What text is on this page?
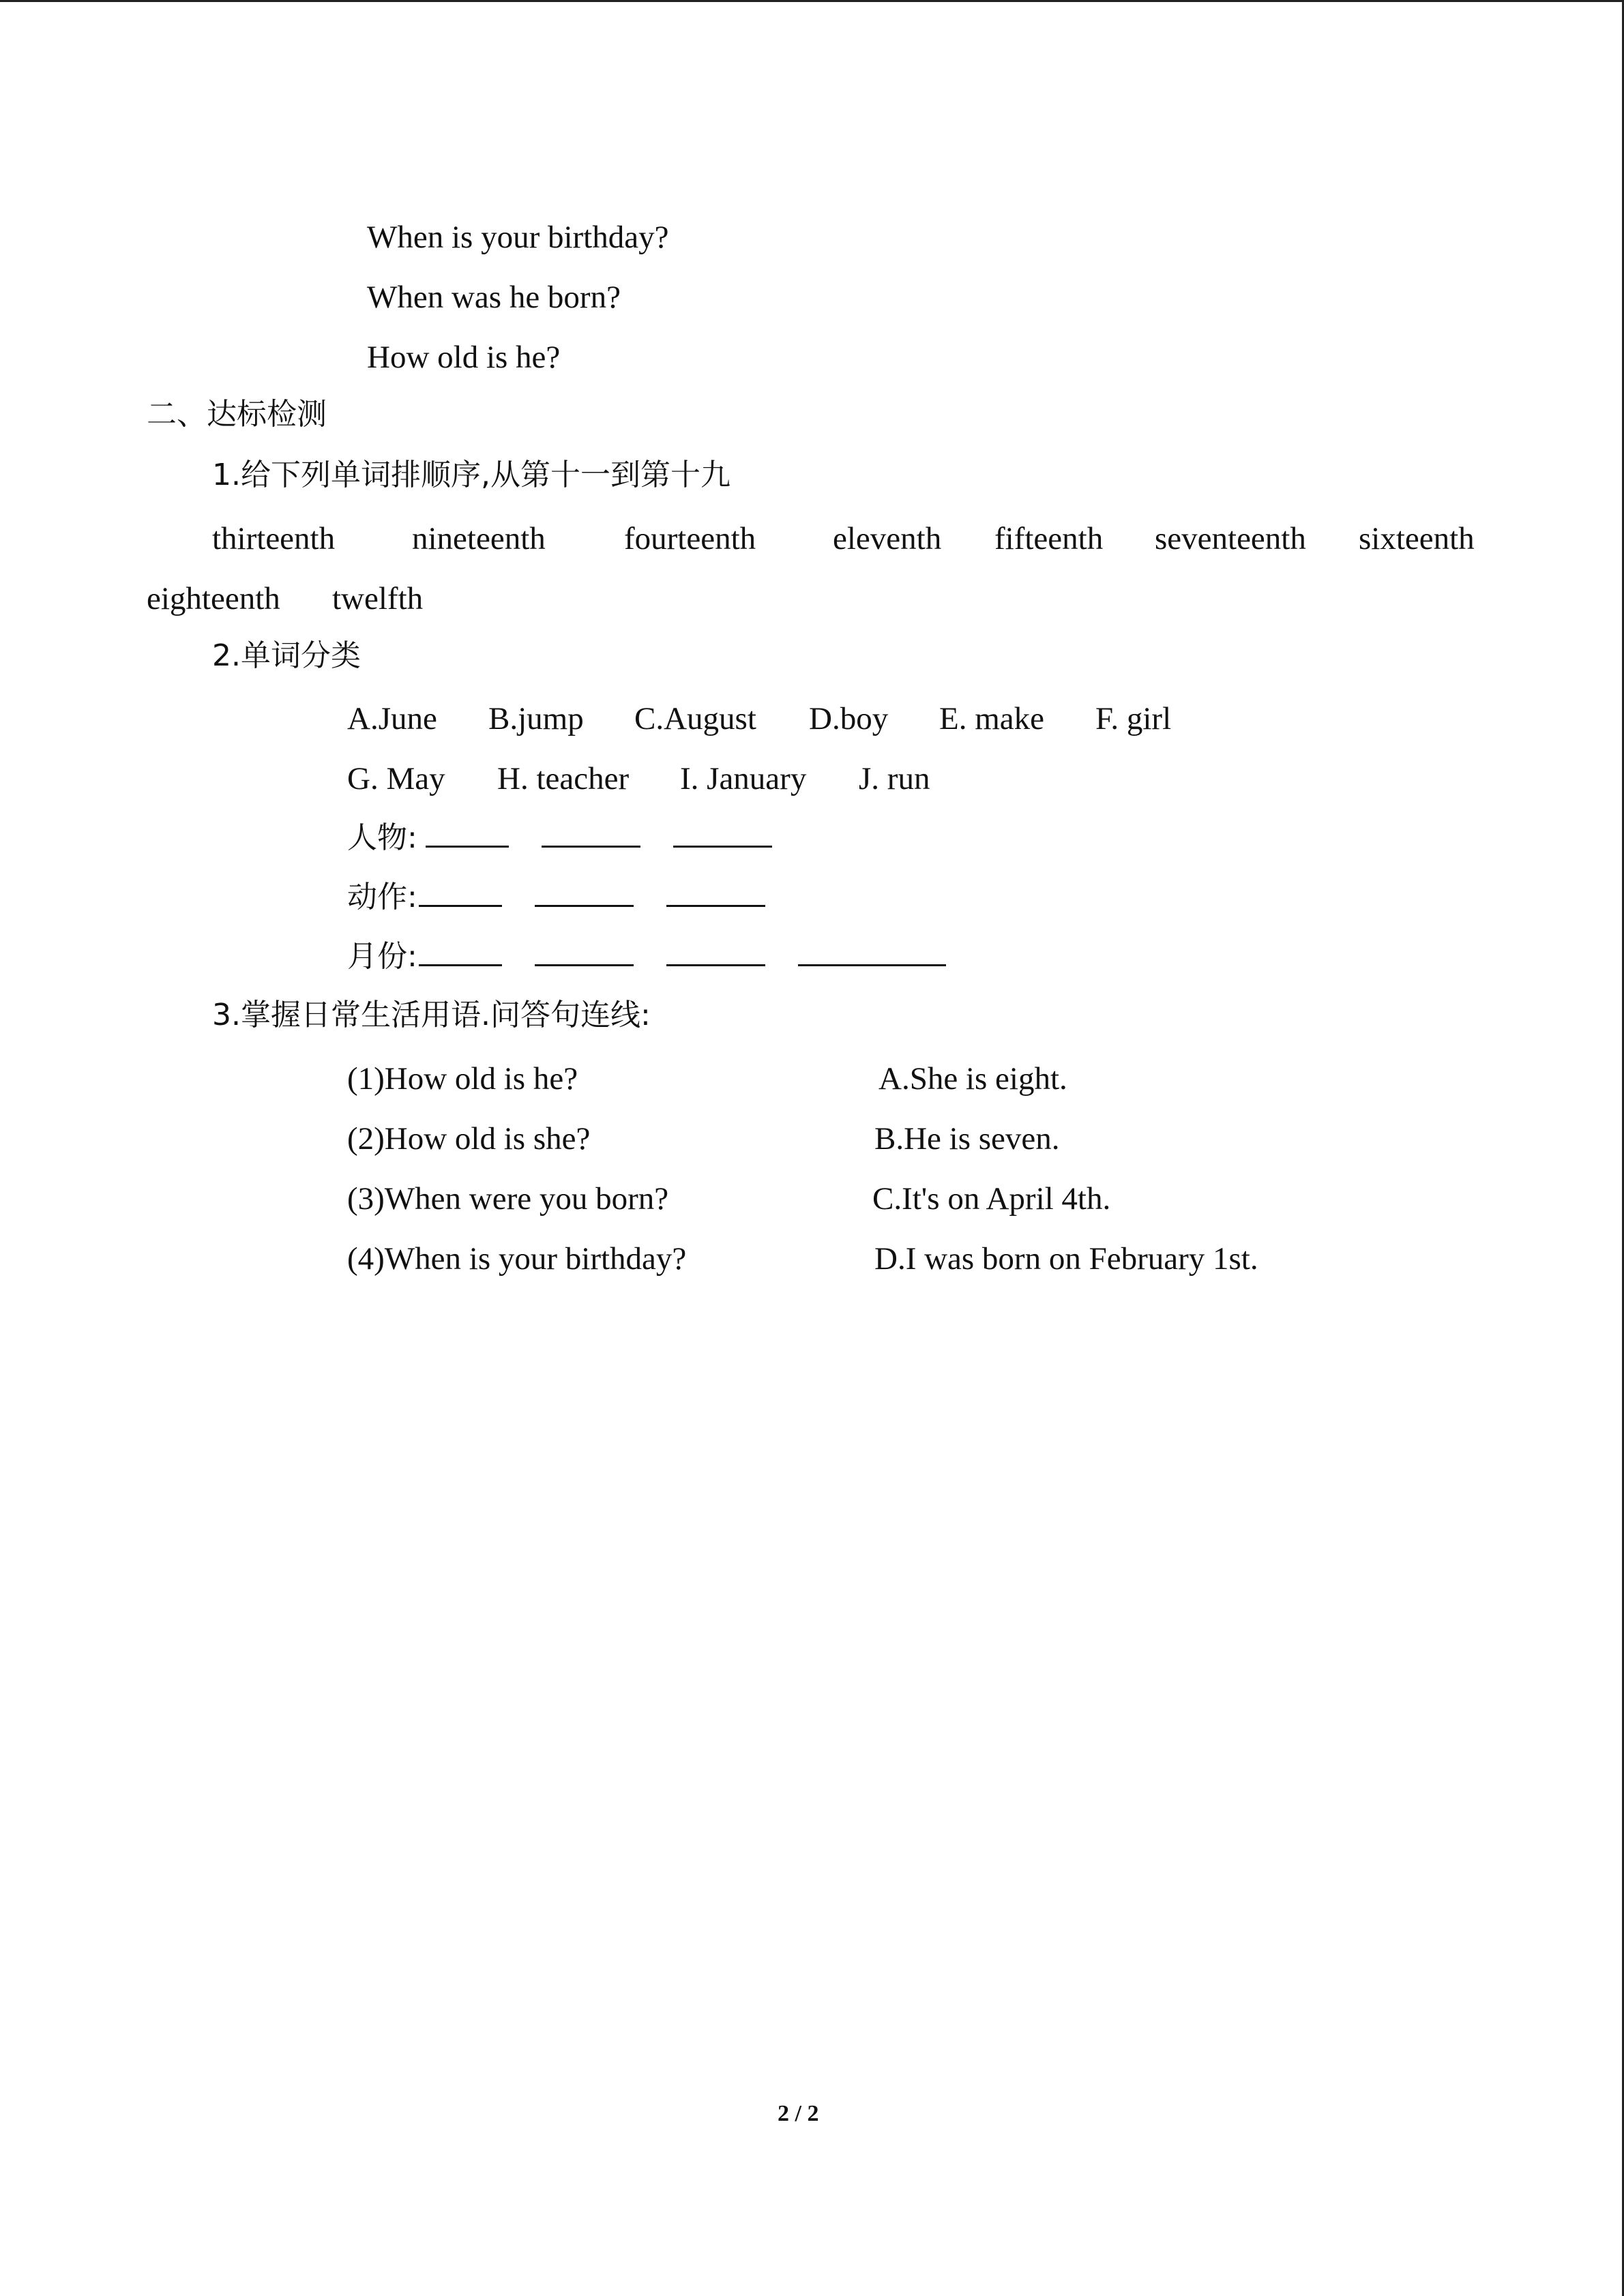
When is your birthday?
When was he born?
How old is he?
二、达标检测
1.给下列单词排顺序,从第十一到第十九
thirteenth nineteenth fourteenth eleventh fifteenth seventeenth sixteenth
eighteenth twelfth
2.单词分类
A.June B.jump C.August D.boy E. make F. girl
G. May H. teacher I. January J. run
人物:
动作:
月份:
3.掌握日常生活用语.问答句连线:
(1)How old is he?
(2)How old is she?
(3)When were you born?
(4)When is your birthday?
A.She is eight.
B.He is seven.
C.It's on April 4th.
D.I was born on February 1st.
2 / 2
